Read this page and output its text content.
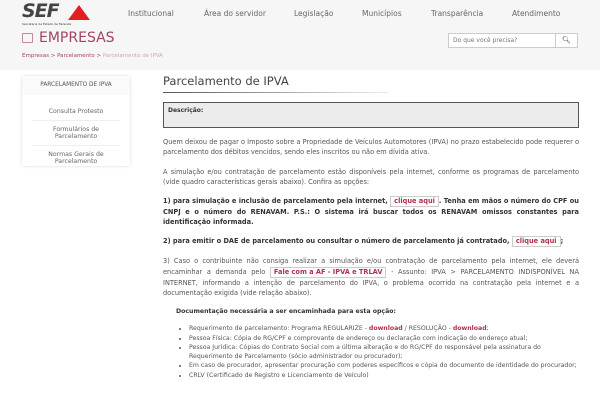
SEF
Secretaria de Estado de Fazenda
Institucional	Área do servidor	Legislação	Municípios	Transparência	Atendimento
EMPRESAS
Do que você precisa?	🔍︎
Empresas > Parcelamento > Parcelamento de IPVA
PARCELAMENTO DE IPVA
Consulta Protesto
Formulários de Parcelamento
Normas Gerais de Parcelamento
Parcelamento de IPVA
Descrição:

Quem deixou de pagar o Imposto sobre a Propriedade de Veículos Automotores (IPVA) no prazo estabelecido pode requerer o parcelamento dos débitos vencidos, sendo eles inscritos ou não em dívida ativa.

A simulação e/ou contratação de parcelamento estão disponíveis pela internet, conforme os programas de parcelamento (vide quadro características gerais abaixo). Confira as opções:

1) para simulação e inclusão de parcelamento pela internet, clique aqui . Tenha em mãos o número do CPF ou CNPJ e o número do RENAVAM. P.S.: O sistema irá buscar todos os RENAVAM omissos constantes para identificação informada.

2) para emitir o DAE de parcelamento ou consultar o número de parcelamento já contratado, clique aqui ;

3) Caso o contribuinte não consiga realizar a simulação e/ou contratação de parcelamento pela internet, ele deverá encaminhar a demanda pelo Fale com a AF - IPVA e TRLAV - Assunto: IPVA > PARCELAMENTO INDISPONÍVEL NA INTERNET, informando a intenção de parcelamento do IPVA, o problema ocorrido na contratação pela internet e a documentação exigida (vide relação abaixo).

Documentação necessária a ser encaminhada para esta opção:
• Requerimento de parcelamento: Programa REGULARIZE - download / RESOLUÇÃO - download;
• Pessoa Física: Cópia de RG/CPF e comprovante de endereço ou declaração com indicação do endereço atual;
• Pessoa Jurídica: Cópias do Contrato Social com a última alteração e do RG/CPF do responsável pela assinatura do Requerimento de Parcelamento (sócio administrador ou procurador);
• Em caso de procurador, apresentar procuração com poderes específicos e cópia do documento de identidade do procurador;
• CRLV (Certificado de Registro e Licenciamento de Veículo)
